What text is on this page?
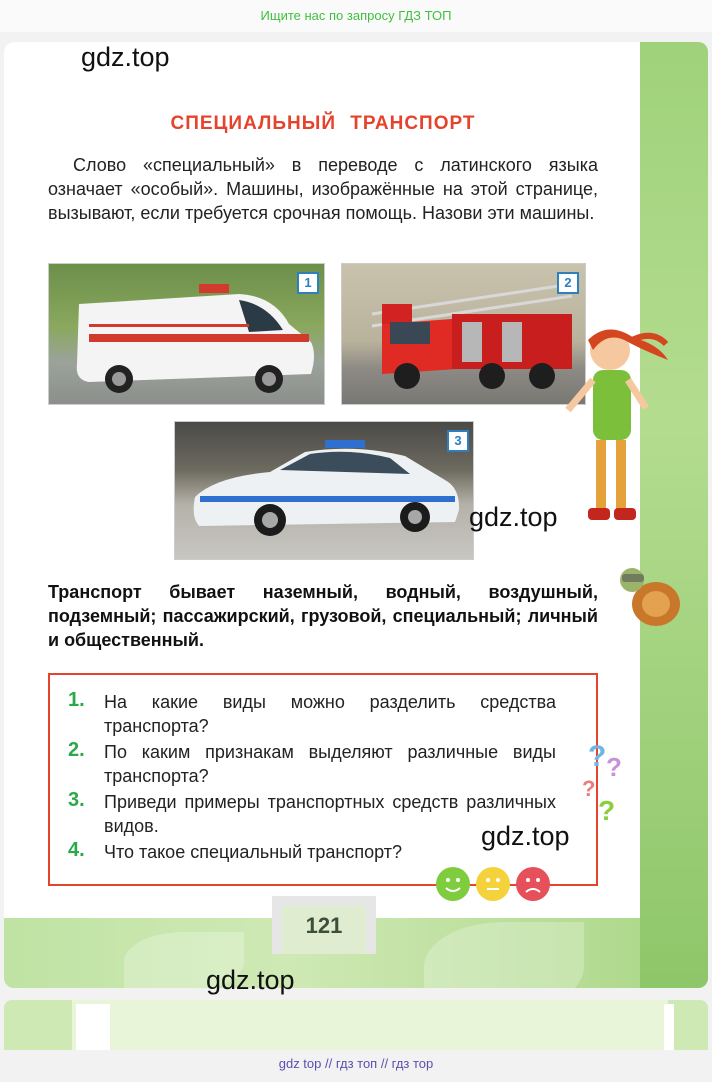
Ищите нас по запросу ГДЗ ТОП
gdz.top
СПЕЦИАЛЬНЫЙ ТРАНСПОРТ
Слово «специальный» в переводе с латинского языка означает «особый». Машины, изображённые на этой странице, вызывают, если требуется срочная помощь. Назови эти машины.
1	2
3
gdz.top
Транспорт бывает наземный, водный, воздушный, подземный; пассажирский, грузовой, специальный; личный и общественный.
1.	На какие виды можно разделить средства транспорта?
2.	По каким признакам выделяют различные виды транспорта?
3.	Приведи примеры транспортных средств различных видов.
4.	Что такое специальный транспорт?
? ?
?
?
gdz.top
121
gdz.top
gdz top // гдз топ // гдз тор
